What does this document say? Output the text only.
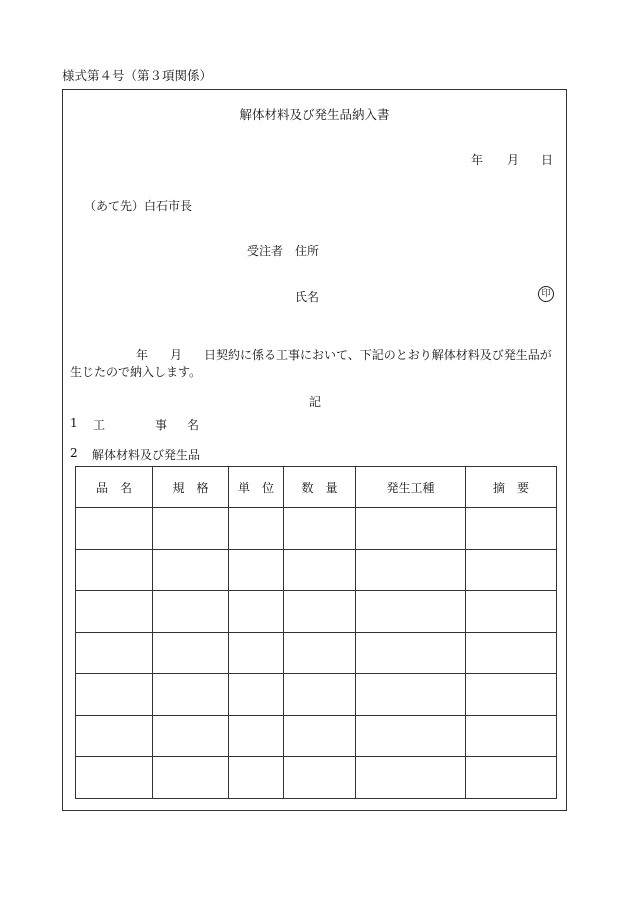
様式第４号（第３項関係）
解体材料及び発生品納入書
年 月 日
（あて先）白石市長
受注者 住所
氏名	印
年 月 日契約に係る工事において、下記のとおり解体材料及び発生品が生じたので納入します。
記
1 工	事 名
2 解体材料及び発生品
品　名	規　格	単　位	数　量	発生工種	摘　要
